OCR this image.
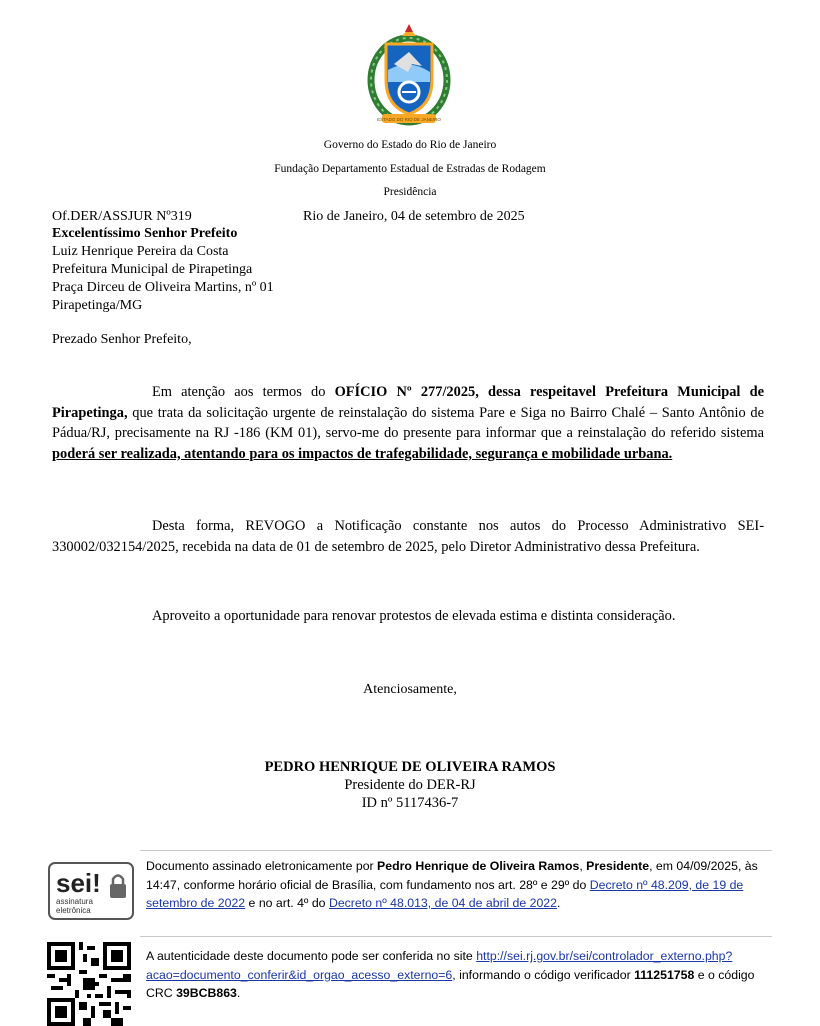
ESTADO DO RIO DE JANEIRO
Governo do Estado do Rio de Janeiro
Fundação Departamento Estadual de Estradas de Rodagem
Presidência
Of.DER/ASSJUR Nº319	Rio de Janeiro, 04 de setembro de 2025
Excelentíssimo Senhor Prefeito
Luiz Henrique Pereira da Costa
Prefeitura Municipal de Pirapetinga
Praça Dirceu de Oliveira Martins, nº 01
Pirapetinga/MG
Prezado Senhor Prefeito,
Em atenção aos termos do OFÍCIO Nº 277/2025, dessa respeitavel Prefeitura Municipal de Pirapetinga, que trata da solicitação urgente de reinstalação do sistema Pare e Siga no Bairro Chalé – Santo Antônio de Pádua/RJ, precisamente na RJ -186 (KM 01), servo-me do presente para informar que a reinstalação do referido sistema poderá ser realizada, atentando para os impactos de trafegabilidade, segurança e mobilidade urbana.
Desta forma, REVOGO a Notificação constante nos autos do Processo Administrativo SEI-330002/032154/2025, recebida na data de 01 de setembro de 2025, pelo Diretor Administrativo dessa Prefeitura.
Aproveito a oportunidade para renovar protestos de elevada estima e distinta consideração.
Atenciosamente,
PEDRO HENRIQUE DE OLIVEIRA RAMOS
Presidente do DER-RJ
ID nº 5117436-7
sei!
assinatura
eletrônica
Documento assinado eletronicamente por Pedro Henrique de Oliveira Ramos, Presidente, em 04/09/2025, às 14:47, conforme horário oficial de Brasília, com fundamento nos art. 28º e 29º do Decreto nº 48.209, de 19 de setembro de 2022 e no art. 4º do Decreto nº 48.013, de 04 de abril de 2022.
A autenticidade deste documento pode ser conferida no site http://sei.rj.gov.br/sei/controlador_externo.php?
acao=documento_conferir&id_orgao_acesso_externo=6, informando o código verificador 111251758 e o código CRC 39BCB863.
